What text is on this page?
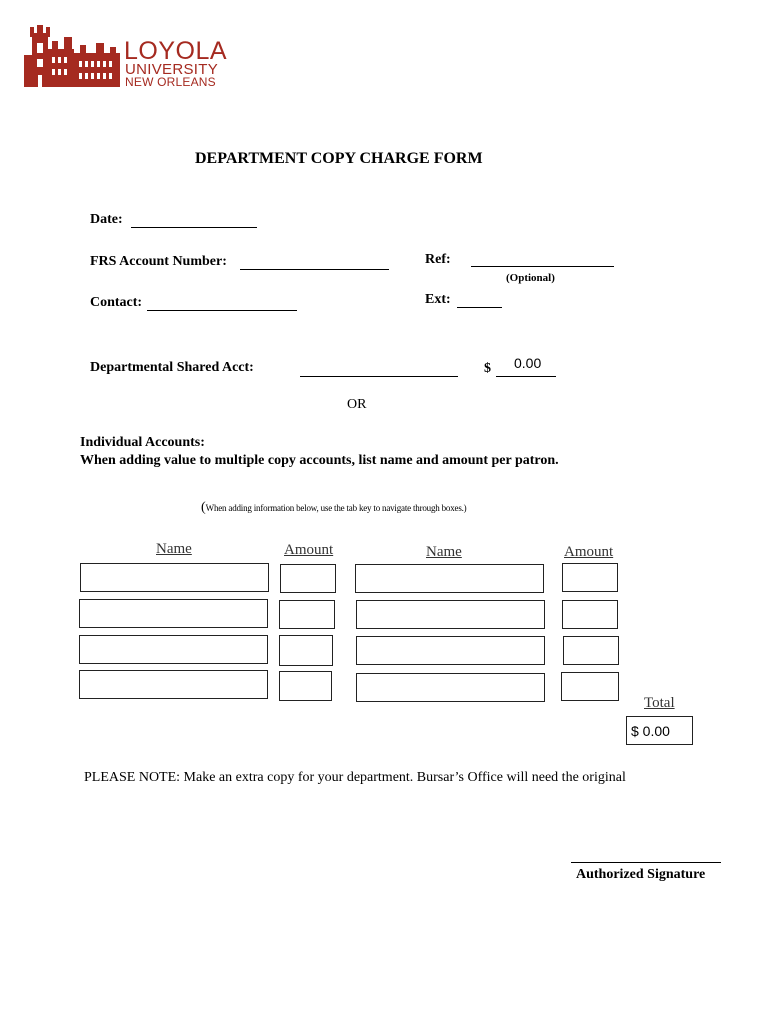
LOYOLA
UNIVERSITY
NEW ORLEANS
DEPARTMENT COPY CHARGE FORM
Date:
FRS Account Number:	Ref:
(Optional)
Contact:	Ext:
Departmental Shared Acct:	$ 0.00
OR
Individual Accounts:
When adding value to multiple copy accounts, list name and amount per patron.
(When adding information below, use the tab key to navigate through boxes.)
Name	Amount	Name	Amount
Total
$ 0.00
PLEASE NOTE: Make an extra copy for your department. Bursar’s Office will need the original
Authorized Signature
